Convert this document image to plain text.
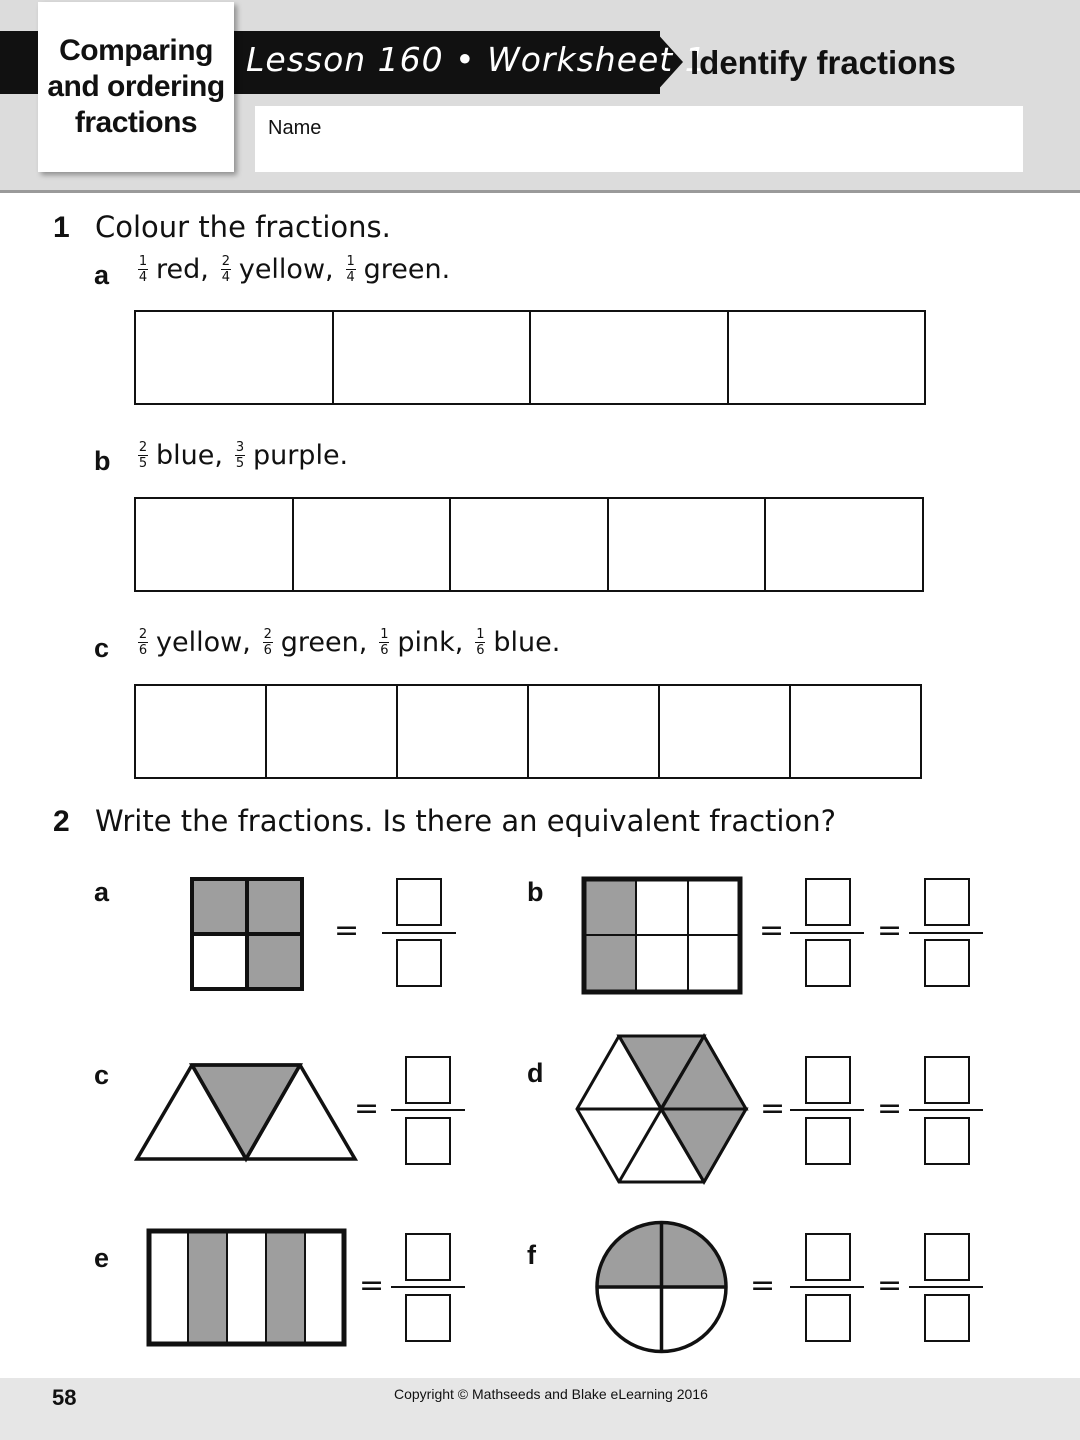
Comparing
and ordering
fractions
Lesson 160 • Worksheet 1
Identify fractions
Name
1 Colour the fractions.
a $\frac{1}{4}$ red, $\frac{2}{4}$ yellow, $\frac{1}{4}$ green.
b $\frac{2}{5}$ blue, $\frac{3}{5}$ purple.
c $\frac{2}{6}$ yellow, $\frac{2}{6}$ green, $\frac{1}{6}$ pink, $\frac{1}{6}$ blue.
2 Write the fractions. Is there an equivalent fraction?
a	b
c	d
e	f
=	=	=
=	=	=
=	=	=
58	Copyright © Mathseeds and Blake eLearning 2016
